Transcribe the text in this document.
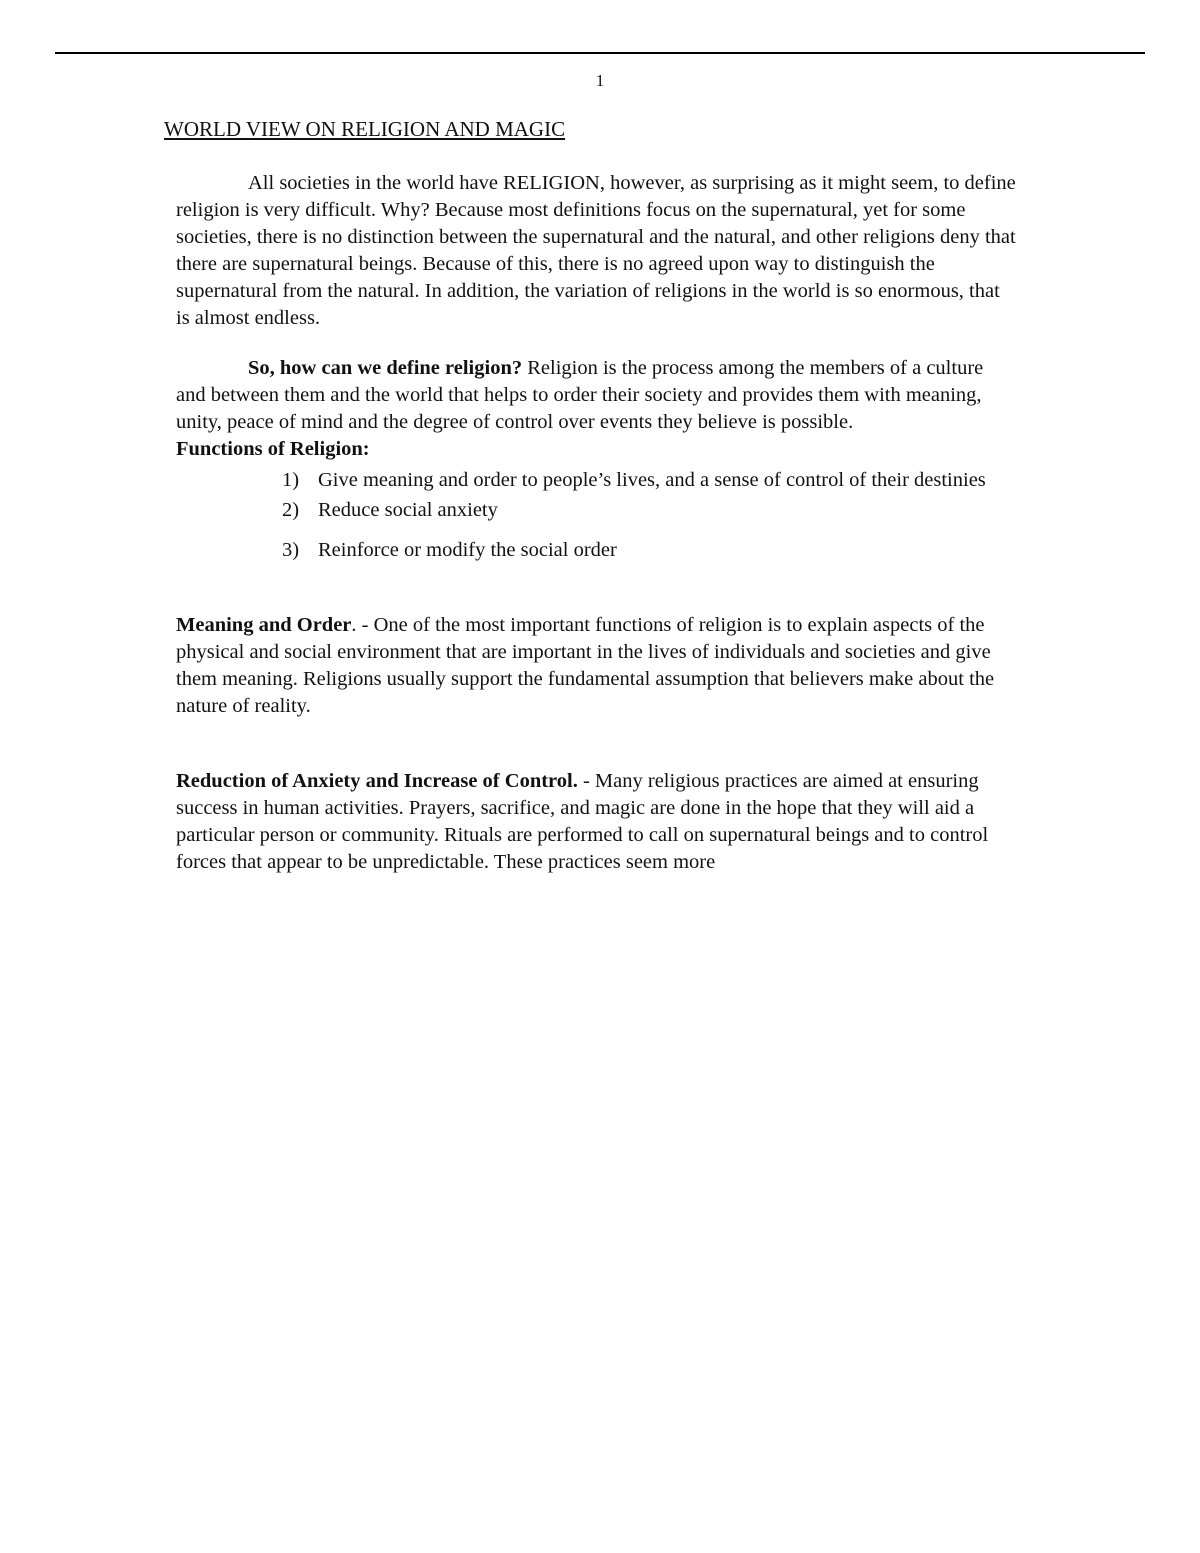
1
WORLD VIEW ON RELIGION AND MAGIC

All societies in the world have RELIGION, however, as surprising as it might seem, to define religion is very difficult. Why? Because most definitions focus on the supernatural, yet for some societies, there is no distinction between the supernatural and the natural, and other religions deny that there are supernatural beings. Because of this, there is no agreed upon way to distinguish the supernatural from the natural. In addition, the variation of religions in the world is so enormous, that is almost endless.

So, how can we define religion? Religion is the process among the members of a culture and between them and the world that helps to order their society and provides them with meaning, unity, peace of mind and the degree of control over events they believe is possible.

Functions of Religion:
1) Give meaning and order to people’s lives, and a sense of control of their destinies
2) Reduce social anxiety
3) Reinforce or modify the social order

Meaning and Order. - One of the most important functions of religion is to explain aspects of the physical and social environment that are important in the lives of individuals and societies and give them meaning. Religions usually support the fundamental assumption that believers make about the nature of reality.

Reduction of Anxiety and Increase of Control. - Many religious practices are aimed at ensuring success in human activities. Prayers, sacrifice, and magic are done in the hope that they will aid a particular person or community. Rituals are performed to call on supernatural beings and to control forces that appear to be unpredictable. These practices seem more
